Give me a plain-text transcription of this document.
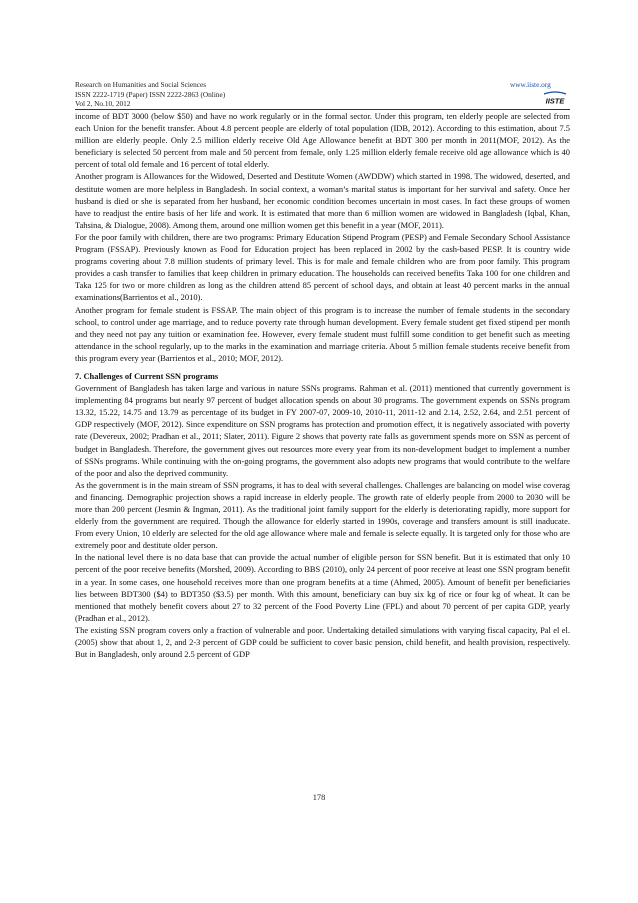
Research on Humanities and Social Sciences
ISSN 2222-1719 (Paper) ISSN 2222-2863 (Online)
Vol 2, No.10, 2012
www.iiste.org
IISTE

income of BDT 3000 (below $50) and have no work regularly or in the formal sector. Under this program, ten elderly people are selected from each Union for the benefit transfer. About 4.8 percent people are elderly of total population (IDB, 2012). According to this estimation, about 7.5 million are elderly people. Only 2.5 million elderly receive Old Age Allowance benefit at BDT 300 per month in 2011(MOF, 2012). As the beneficiary is selected 50 percent from male and 50 percent from female, only 1.25 million elderly female receive old age allowance which is 40 percent of total old female and 16 percent of total elderly.

Another program is Allowances for the Widowed, Deserted and Destitute Women (AWDDW) which started in 1998. The widowed, deserted, and destitute women are more helpless in Bangladesh. In social context, a woman’s marital status is important for her survival and safety. Once her husband is died or she is separated from her husband, her economic condition becomes uncertain in most cases. In fact these groups of women have to readjust the entire basis of her life and work. It is estimated that more than 6 million women are widowed in Bangladesh (Iqbal, Khan, Tahsina, & Dialogue, 2008). Among them, around one million women get this benefit in a year (MOF, 2011).

For the poor family with children, there are two programs: Primary Education Stipend Program (PESP) and Female Secondary School Assistance Program (FSSAP). Previously known as Food for Education project has been replaced in 2002 by the cash-based PESP. It is country wide programs covering about 7.8 million students of primary level. This is for male and female children who are from poor family. This program provides a cash transfer to families that keep children in primary education. The households can received benefits Taka 100 for one children and Taka 125 for two or more children as long as the children attend 85 percent of school days, and obtain at least 40 percent marks in the annual examinations(Barrientos et al., 2010).

Another program for female student is FSSAP. The main object of this program is to increase the number of female students in the secondary school, to control under age marriage, and to reduce poverty rate through human development. Every female student get fixed stipend per month and they need not pay any tuition or examination fee. However, every female student must fulfill some condition to get benefit such as meeting attendance in the school regularly, up to the marks in the examination and marriage criteria. About 5 million female students receive benefit from this program every year (Barrientos et al., 2010; MOF, 2012).

7. Challenges of Current SSN programs

Government of Bangladesh has taken large and various in nature SSNs programs. Rahman et al. (2011) mentioned that currently government is implementing 84 programs but nearly 97 percent of budget allocation spends on about 30 programs. The government expends on SSNs program 13.32, 15.22, 14.75 and 13.79 as percentage of its budget in FY 2007-07, 2009-10, 2010-11, 2011-12 and 2.14, 2.52, 2.64, and 2.51 percent of GDP respectively (MOF, 2012). Since expenditure on SSN programs has protection and promotion effect, it is negatively associated with poverty rate (Devereux, 2002; Pradhan et al., 2011; Slater, 2011). Figure 2 shows that poverty rate falls as government spends more on SSN as percent of budget in Bangladesh. Therefore, the government gives out resources more every year from its non-development budget to implement a number of SSNs programs. While continuing with the on-going programs, the government also adopts new programs that would contribute to the welfare of the poor and also the deprived community.

As the government is in the main stream of SSN programs, it has to deal with several challenges. Challenges are balancing on model wise coverag and financing. Demographic projection shows a rapid increase in elderly people. The growth rate of elderly people from 2000 to 2030 will be more than 200 percent (Jesmin & Ingman, 2011). As the traditional joint family support for the elderly is deteriorating rapidly, more support for elderly from the government are required. Though the allowance for elderly started in 1990s, coverage and transfers amount is still inaducate. From every Union, 10 elderly are selected for the old age allowance where male and female is selecte equally. It is targeted only for those who are extremely poor and destitute older person.

In the national level there is no data base that can provide the actual number of eligible person for SSN benefit. But it is estimated that only 10 percent of the poor receive benefits (Morshed, 2009). According to BBS (2010), only 24 percent of poor receive at least one SSN program benefit in a year. In some cases, one household receives more than one program benefits at a time (Ahmed, 2005). Amount of benefit per beneficiaries lies between BDT300 ($4) to BDT350 ($3.5) per month. With this amount, beneficiary can buy six kg of rice or four kg of wheat. It can be mentioned that mothely benefit covers about 27 to 32 percent of the Food Poverty Line (FPL) and about 70 percent of per capita GDP, yearly (Pradhan et al., 2012).

The existing SSN program covers only a fraction of vulnerable and poor. Undertaking detailed simulations with varying fiscal capacity, Pal el el. (2005) show that about 1, 2, and 2-3 percent of GDP could be sufficient to cover basic pension, child benefit, and health provision, respectively. But in Bangladesh, only around 2.5 percent of GDP

178
